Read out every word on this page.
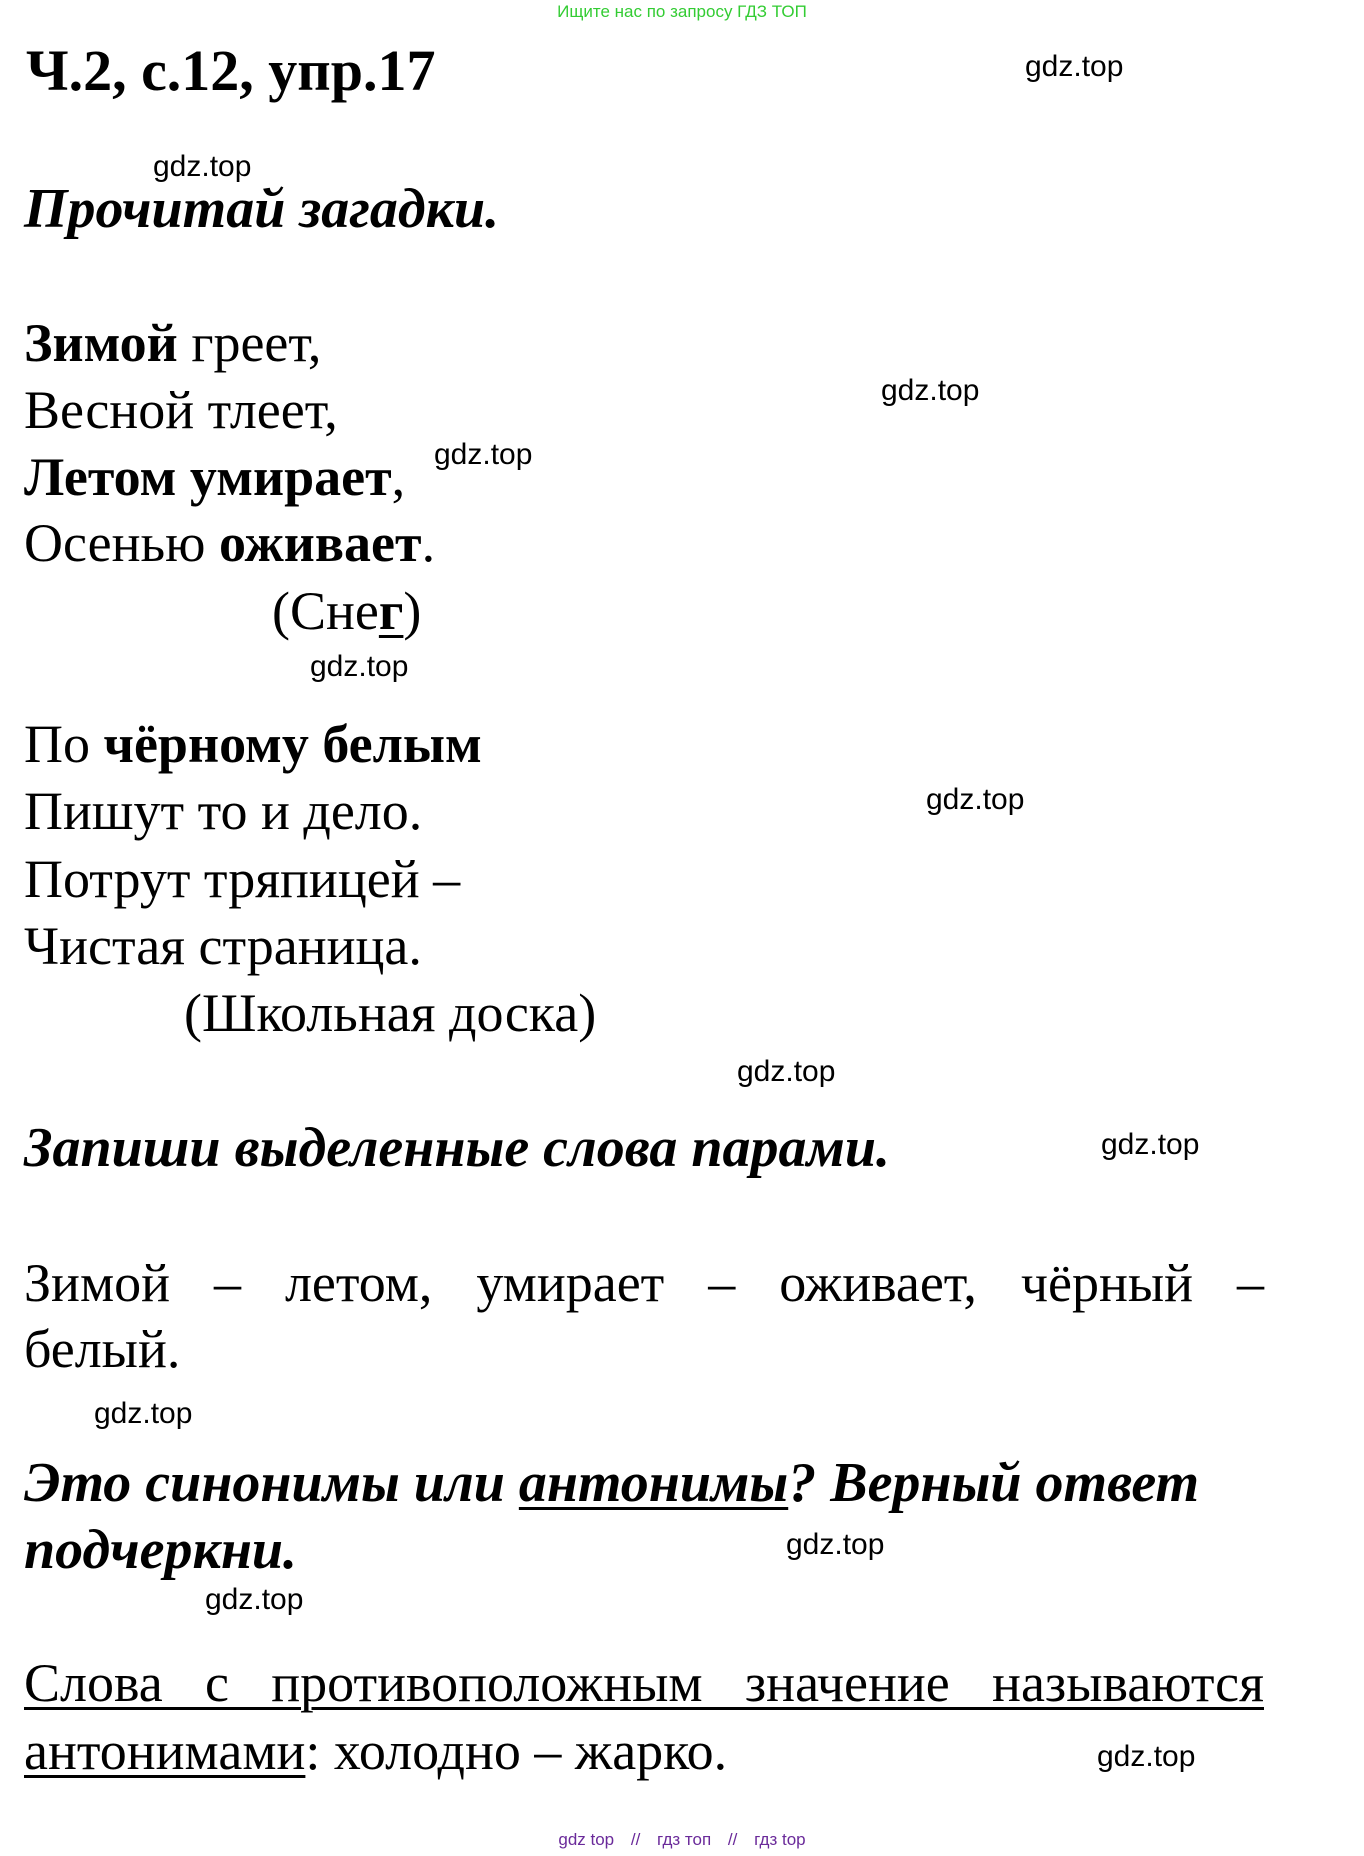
Ищите нас по запросу ГДЗ ТОП
Ч.2, с.12, упр.17
Прочитай загадки.
Зимой греет,
Весной тлеет,
Летом умирает,
Осенью оживает.
(Снег)
По чёрному белым
Пишут то и дело.
Потрут тряпицей –
Чистая страница.
(Школьная доска)
Запиши выделенные слова парами.
Зимой – летом, умирает – оживает, чёрный –
белый.
Это синонимы или антонимы? Верный ответ
подчеркни.
Слова с противоположным значение называются
антонимами: холодно – жарко.
gdz.top
gdz.top
gdz.top
gdz.top
gdz.top
gdz.top
gdz.top
gdz.top
gdz.top
gdz.top
gdz.top
gdz.top
gdz top // гдз топ // гдз top
